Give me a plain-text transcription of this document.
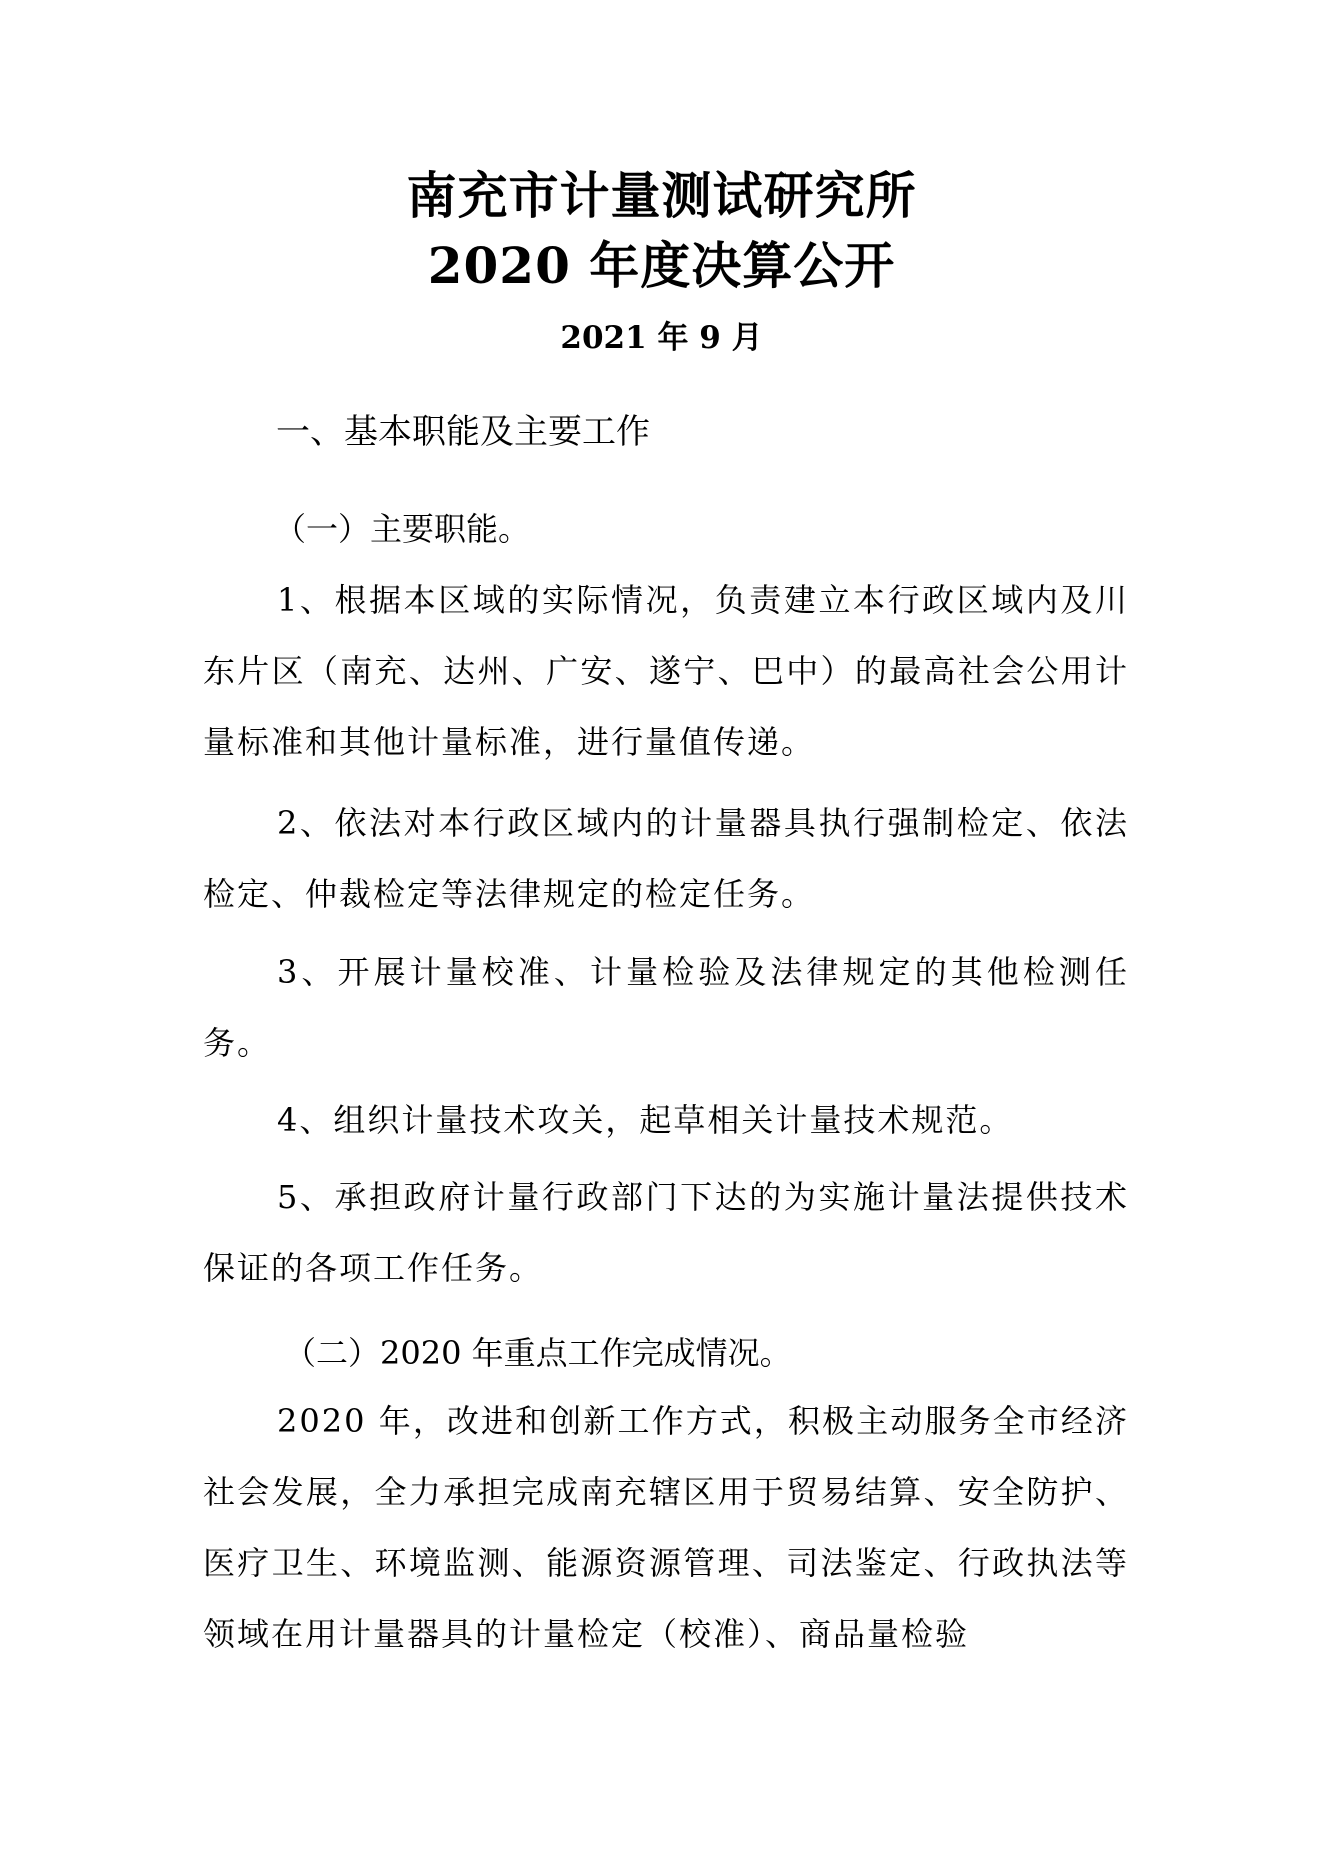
南充市计量测试研究所
2020 年度决算公开
2021 年 9 月
一、基本职能及主要工作
（一）主要职能。
1、根据本区域的实际情况，负责建立本行政区域内及川东片区（南充、达州、广安、遂宁、巴中）的最高社会公用计量标准和其他计量标准，进行量值传递。
2、依法对本行政区域内的计量器具执行强制检定、依法检定、仲裁检定等法律规定的检定任务。
3、开展计量校准、计量检验及法律规定的其他检测任务。
4、组织计量技术攻关，起草相关计量技术规范。
5、承担政府计量行政部门下达的为实施计量法提供技术保证的各项工作任务。
（二）2020 年重点工作完成情况。
2020 年，改进和创新工作方式，积极主动服务全市经济社会发展，全力承担完成南充辖区用于贸易结算、安全防护、医疗卫生、环境监测、能源资源管理、司法鉴定、行政执法等领域在用计量器具的计量检定（校准）、商品量检验
